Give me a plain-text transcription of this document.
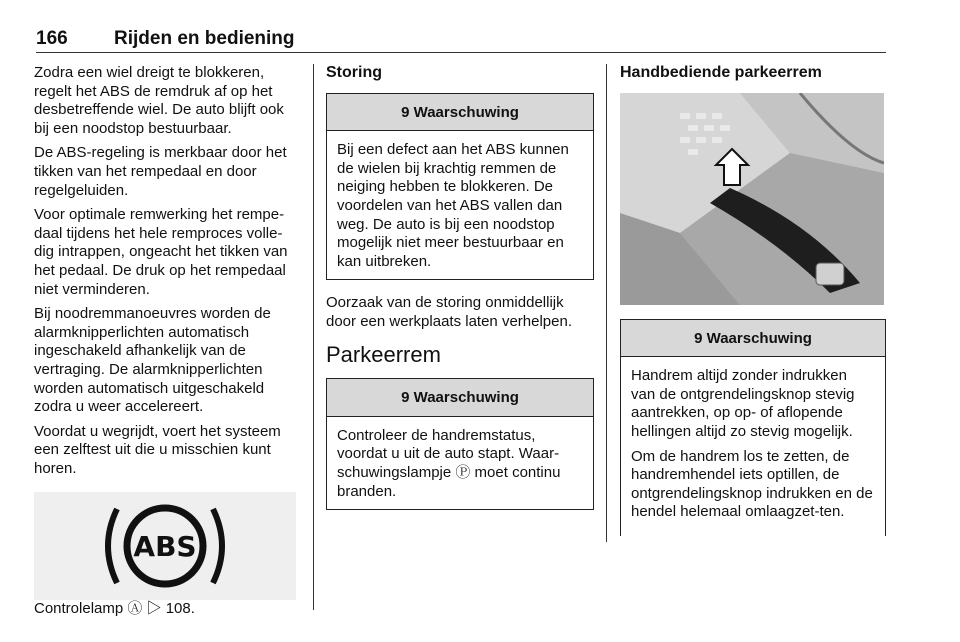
166 Rijden en bediening

Zodra een wiel dreigt te blokkeren, regelt het ABS de remdruk af op het desbetreffende wiel. De auto blijft ook bij een noodstop bestuurbaar.

De ABS-regeling is merkbaar door het tikken van het rempedaal en door regelgeluiden.

Voor optimale remwerking het rempe-daal tijdens het hele remproces volle-dig intrappen, ongeacht het tikken van het pedaal. De druk op het rempedaal niet verminderen.

Bij noodremmanoeuvres worden de alarmknipperlichten automatisch ingeschakeld afhankelijk van de vertraging. De alarmknipperlichten worden automatisch uitgeschakeld zodra u weer accelereert.

Voordat u wegrijdt, voert het systeem een zelftest uit die u misschien kunt horen.

ABS

Controlelamp Ⓐ ▷ 108.

Storing
9 Waarschuwing
Bij een defect aan het ABS kunnen de wielen bij krachtig remmen de neiging hebben te blokkeren. De voordelen van het ABS vallen dan weg. De auto is bij een noodstop mogelijk niet meer bestuurbaar en kan uitbreken.

Oorzaak van de storing onmiddellijk door een werkplaats laten verhelpen.

Parkeerrem
9 Waarschuwing
Controleer de handremstatus, voordat u uit de auto stapt. Waar-schuwingslampje Ⓟ moet continu branden.
Handbediende parkeerrem
9 Waarschuwing

Handrem altijd zonder indrukken van de ontgrendelingsknop stevig aantrekken, op op- of aflopende hellingen altijd zo stevig mogelijk.

Om de handrem los te zetten, de handremhendel iets optillen, de ontgrendelingsknop indrukken en de hendel helemaal omlaagzet-ten.
